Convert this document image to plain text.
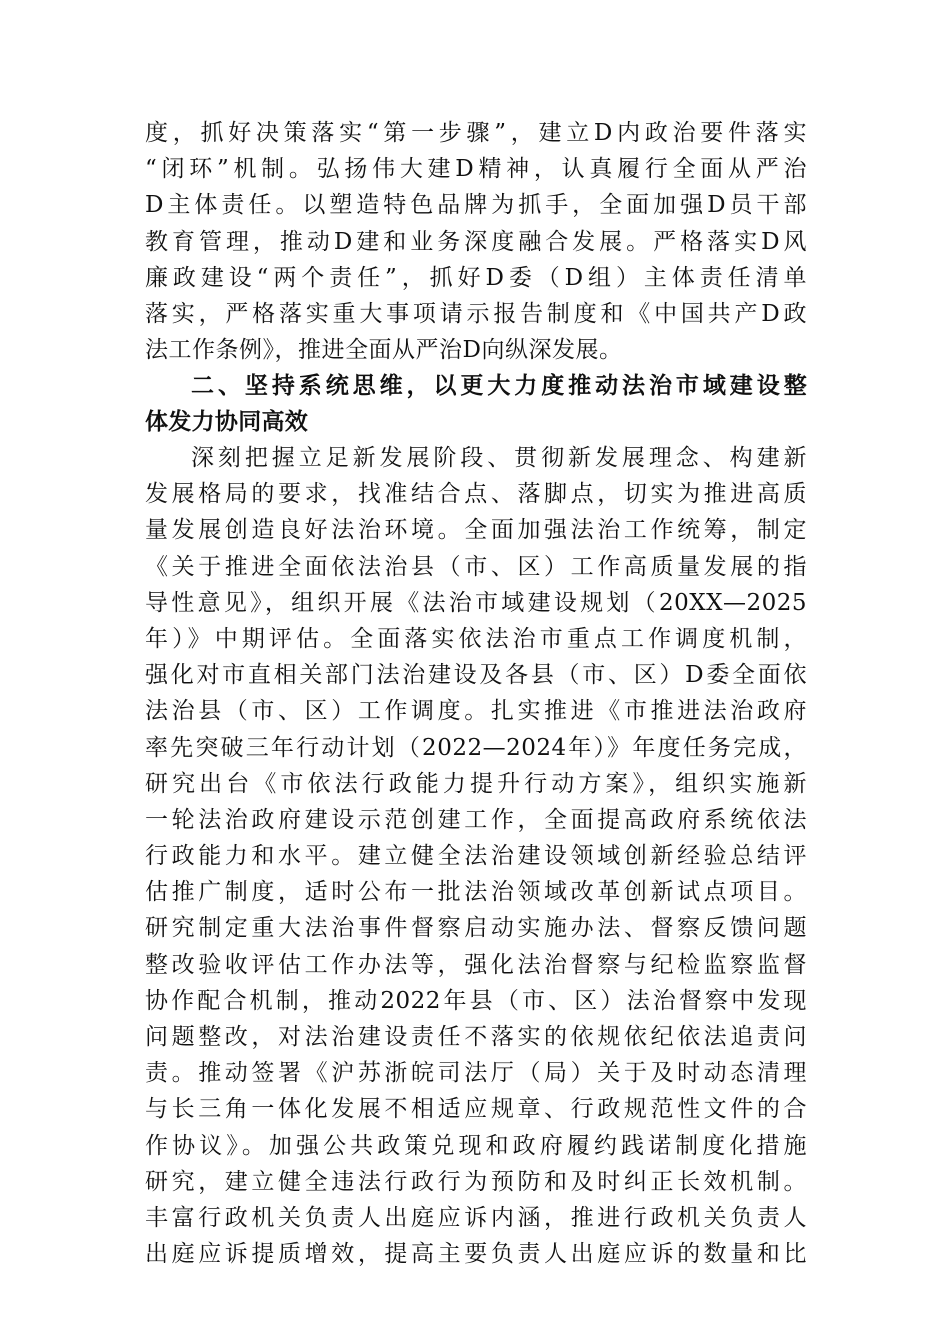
度，抓好决策落实“第一步骤”，建立D内政治要件落实
“闭环”机制。弘扬伟大建D精神，认真履行全面从严治
D主体责任。以塑造特色品牌为抓手，全面加强D员干部
教育管理，推动D建和业务深度融合发展。严格落实D风
廉政建设“两个责任”，抓好D委（D组）主体责任清单
落实，严格落实重大事项请示报告制度和《中国共产D政
法工作条例》，推进全面从严治D向纵深发展。
二、坚持系统思维，以更大力度推动法治市域建设整
体发力协同高效
深刻把握立足新发展阶段、贯彻新发展理念、构建新
发展格局的要求，找准结合点、落脚点，切实为推进高质
量发展创造良好法治环境。全面加强法治工作统筹，制定
《关于推进全面依法治县（市、区）工作高质量发展的指
导性意见》，组织开展《法治市域建设规划（20XX—2025
年）》中期评估。全面落实依法治市重点工作调度机制，
强化对市直相关部门法治建设及各县（市、区）D委全面依
法治县（市、区）工作调度。扎实推进《市推进法治政府
率先突破三年行动计划（2022—2024年）》年度任务完成，
研究出台《市依法行政能力提升行动方案》，组织实施新
一轮法治政府建设示范创建工作，全面提高政府系统依法
行政能力和水平。建立健全法治建设领域创新经验总结评
估推广制度，适时公布一批法治领域改革创新试点项目。
研究制定重大法治事件督察启动实施办法、督察反馈问题
整改验收评估工作办法等，强化法治督察与纪检监察监督
协作配合机制，推动2022年县（市、区）法治督察中发现
问题整改，对法治建设责任不落实的依规依纪依法追责问
责。推动签署《沪苏浙皖司法厅（局）关于及时动态清理
与长三角一体化发展不相适应规章、行政规范性文件的合
作协议》。加强公共政策兑现和政府履约践诺制度化措施
研究，建立健全违法行政行为预防和及时纠正长效机制。
丰富行政机关负责人出庭应诉内涵，推进行政机关负责人
出庭应诉提质增效，提高主要负责人出庭应诉的数量和比
